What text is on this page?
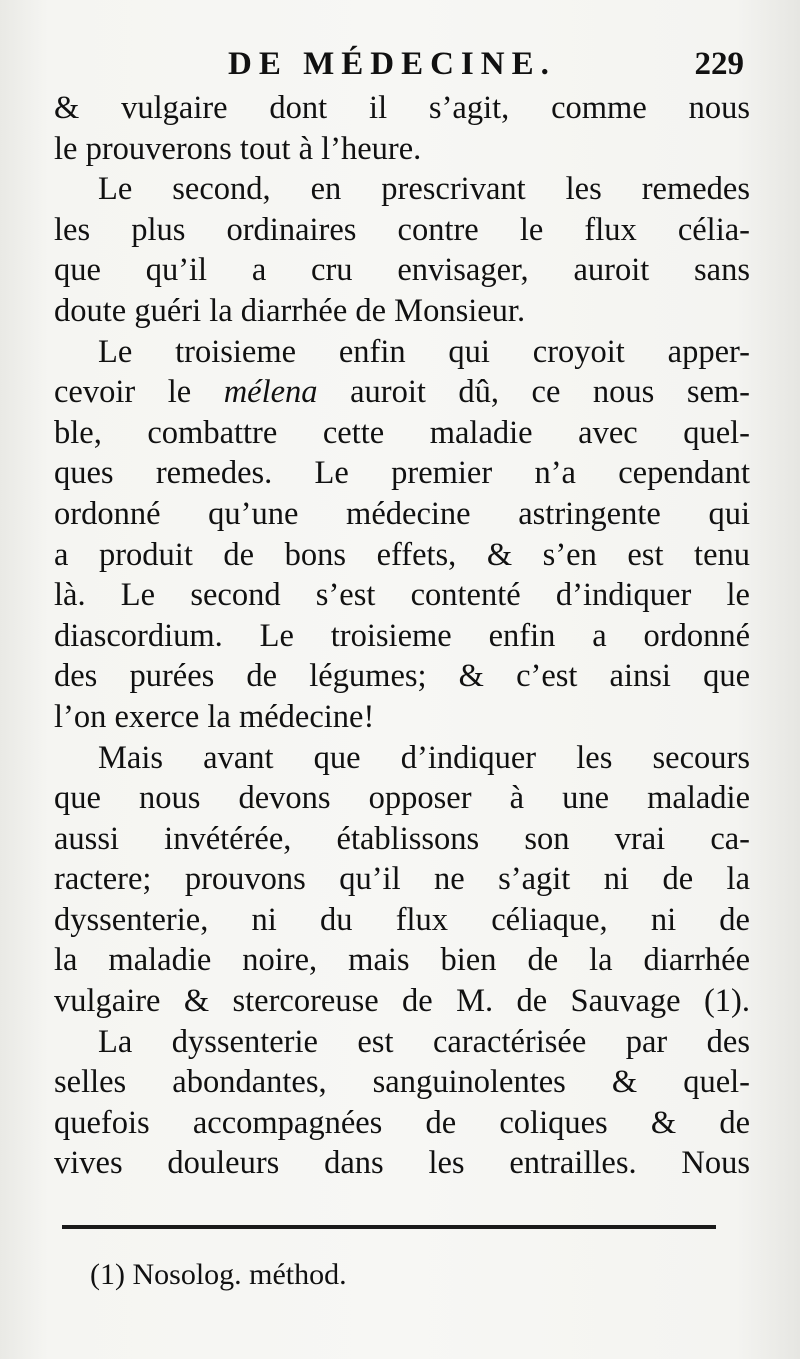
DE MÉDECINE.	229
& vulgaire dont il s’agit, comme nous
le prouverons tout à l’heure.
Le second, en prescrivant les remedes
les plus ordinaires contre le flux célia-
que qu’il a cru envisager, auroit sans
doute guéri la diarrhée de Monsieur.
Le troisieme enfin qui croyoit apper-
cevoir le mélena auroit dû, ce nous sem-
ble, combattre cette maladie avec quel-
ques remedes. Le premier n’a cependant
ordonné qu’une médecine astringente qui
a produit de bons effets, & s’en est tenu
là. Le second s’est contenté d’indiquer le
diascordium. Le troisieme enfin a ordonné
des purées de légumes; & c’est ainsi que
l’on exerce la médecine!
Mais avant que d’indiquer les secours
que nous devons opposer à une maladie
aussi invétérée, établissons son vrai ca-
ractere; prouvons qu’il ne s’agit ni de la
dyssenterie, ni du flux céliaque, ni de
la maladie noire, mais bien de la diarrhée
vulgaire & stercoreuse de M. de Sauvage (1).
La dyssenterie est caractérisée par des
selles abondantes, sanguinolentes & quel-
quefois accompagnées de coliques & de
vives douleurs dans les entrailles. Nous
(1) Nosolog. méthod.
